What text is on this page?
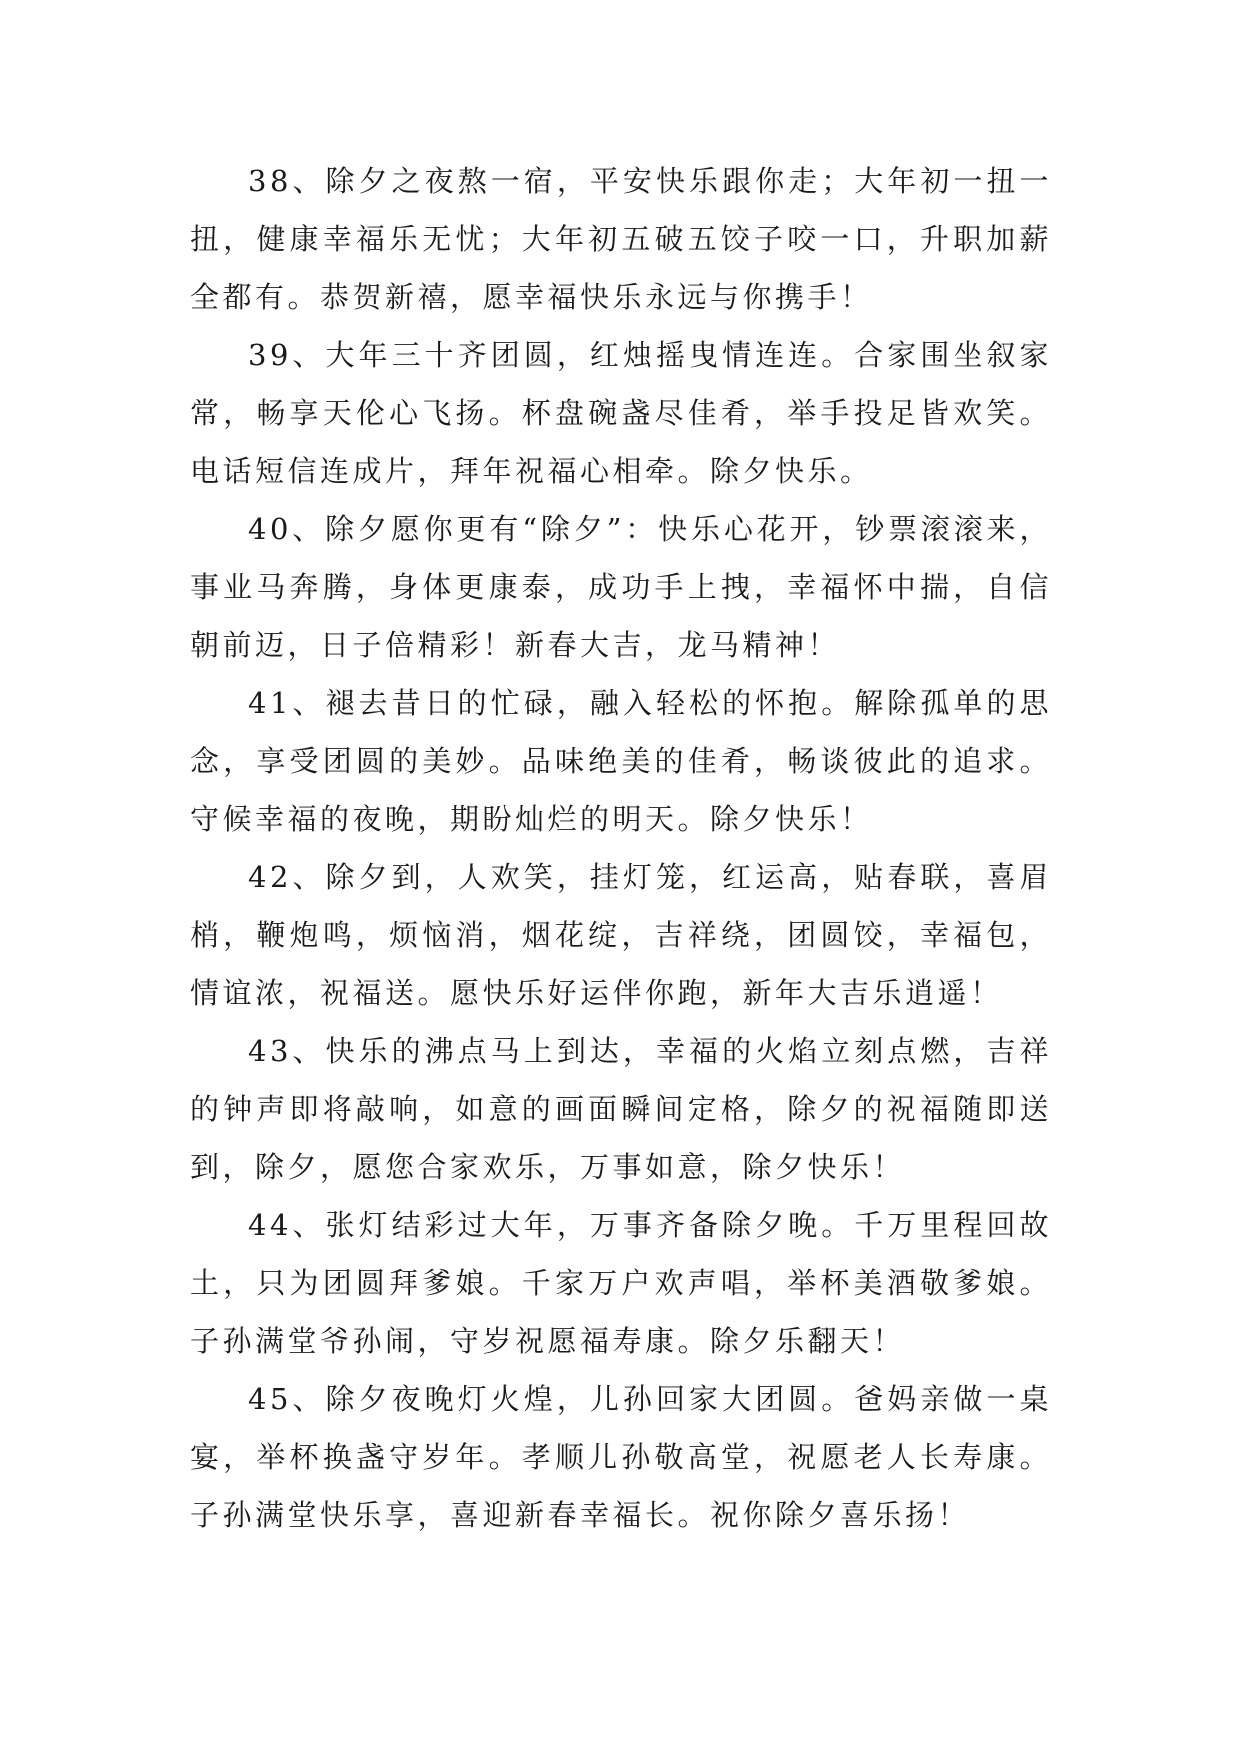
38、除夕之夜熬一宿，平安快乐跟你走；大年初一扭一扭，健康幸福乐无忧；大年初五破五饺子咬一口，升职加薪全都有。恭贺新禧，愿幸福快乐永远与你携手！

39、大年三十齐团圆，红烛摇曳情连连。合家围坐叙家常，畅享天伦心飞扬。杯盘碗盏尽佳肴，举手投足皆欢笑。电话短信连成片，拜年祝福心相牵。除夕快乐。

40、除夕愿你更有“除夕”：快乐心花开，钞票滚滚来，事业马奔腾，身体更康泰，成功手上拽，幸福怀中揣，自信朝前迈，日子倍精彩！新春大吉，龙马精神！

41、褪去昔日的忙碌，融入轻松的怀抱。解除孤单的思念，享受团圆的美妙。品味绝美的佳肴，畅谈彼此的追求。守候幸福的夜晚，期盼灿烂的明天。除夕快乐！

42、除夕到，人欢笑，挂灯笼，红运高，贴春联，喜眉梢，鞭炮鸣，烦恼消，烟花绽，吉祥绕，团圆饺，幸福包，情谊浓，祝福送。愿快乐好运伴你跑，新年大吉乐逍遥！

43、快乐的沸点马上到达，幸福的火焰立刻点燃，吉祥的钟声即将敲响，如意的画面瞬间定格，除夕的祝福随即送到，除夕，愿您合家欢乐，万事如意，除夕快乐！

44、张灯结彩过大年，万事齐备除夕晚。千万里程回故土，只为团圆拜爹娘。千家万户欢声唱，举杯美酒敬爹娘。子孙满堂爷孙闹，守岁祝愿福寿康。除夕乐翻天！

45、除夕夜晚灯火煌，儿孙回家大团圆。爸妈亲做一桌宴，举杯换盏守岁年。孝顺儿孙敬高堂，祝愿老人长寿康。子孙满堂快乐享，喜迎新春幸福长。祝你除夕喜乐扬！
